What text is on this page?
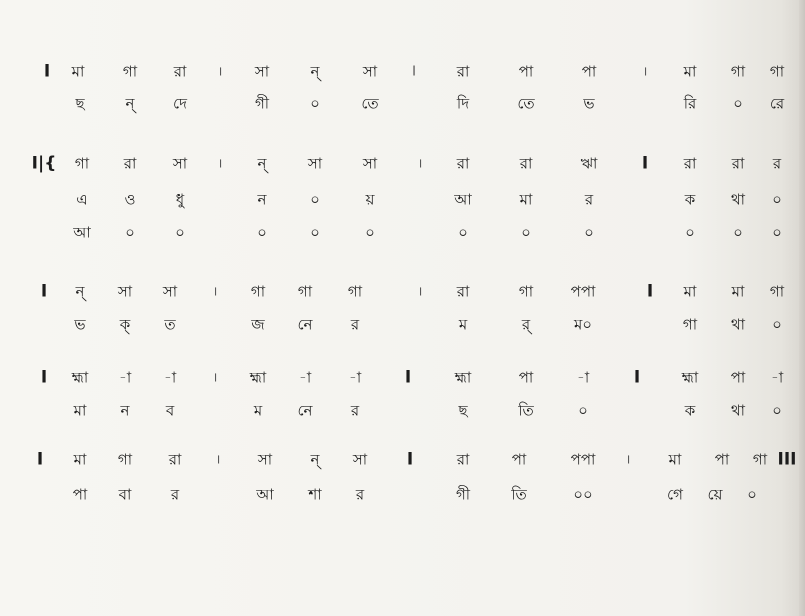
I মা	গা রা । সা	ন্	সা	I	রা	পা	পা	। মা গা গা
ছ	ন্	দে	গী	০	তে	দি	তে	ভ	রি ০ রে
I|{ গা রা সা । ন্	সা	সা	। রা	রা	ঋা	I রা রা র
এ ও	ধু	ন	০	য়	আ	মা	র	ক থা ০
আ ০	০	০	০	০	০	০	০	০	০ ০
I ন্ সা সা	। গা গা গা	। রা	গা	পপা	I মা মা গা
ভ ক্ ত	জ নে	র	ম	র্	ম০	গা থা ০
I হ্মা -া -া	। হ্মা -া	-া	I	হ্মা	পা	-া	I	হ্মা পা -া
মা ন ব	ম নে	র	ছ	তি	০	ক থা ০
I মা গা রা	। সা	ন্ সা I	রা	পা	পপা ।	মা পা গা III
পা বা	র	আ শা র	গী	তি	০০	গে য়ে ০
